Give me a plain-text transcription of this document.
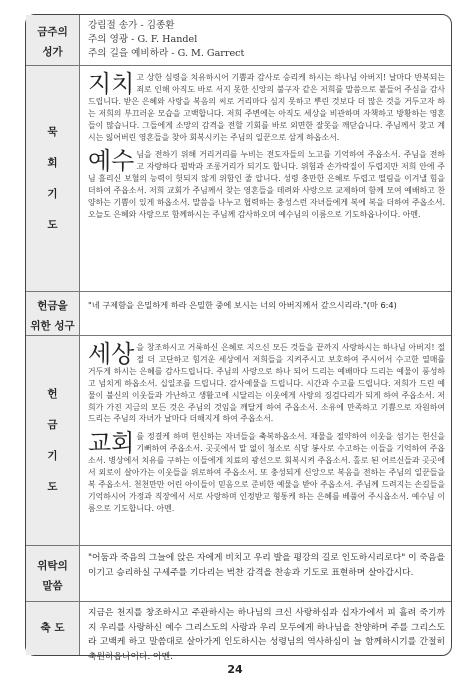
금주의
성가
강림절 송가 - 김종환
주의 영광 - G. F. Handel
주의 길을 예비하라 - G. M. Garrect
묵
회
기
도
지치 고 상한 심령을 치유하시어 기쁨과 감사로 승리케 하시는 하나님 아버지! 날마다 반복되는 죄로 인해 아직도 바로 서지 못한 신앙의 불구자 같은 저희를 말씀으로 붙들어 주심을 감사드립니다. 받은 은혜와 사랑을 복음의 씨로 거리마다 심지 못하고 뿌린 것보다 더 많은 것을 거두고자 하는 저희의 부끄러운 모습을 고백합니다. 저희 주변에는 아직도 세상을 비관하며 자책하고 방황하는 영혼들이 많습니다. 그들에게 소망의 감격을 전할 기회를 바로 외면한 잘못을 깨닫습니다. 주님께서 찾고 계시는 잃어버린 영혼들을 찾아 회복시키는 주님의 일꾼으로 삼게 하옵소서.
예수 님을 전하기 위해 거리거리를 누비는 전도자들의 노고를 기억하여 주옵소서. 주님을 전하고 자랑하다 핍박과 조롱거리가 되기도 합니다. 위험과 손가락질이 두렵지만 저희 안에 주님 흘리신 보혈의 능력이 헛되지 않게 위함인 줄 압니다. 성령 충만한 은혜로 두렵고 떨림을 이겨낼 힘을 더하여 주옵소서. 저희 교회가 주님께서 찾는 영혼들을 데려와 사랑으로 교제하며 함께 모여 예배하고 찬양하는 기쁨이 있게 하옵소서. 말씀을 나누고 협력하는 충성스런 자녀들에게 복에 복을 더하여 주옵소서. 오늘도 은혜와 사랑으로 함께하시는 주님께 감사하오며 예수님의 이름으로 기도하옵나이다. 아멘.
헌금을
위한 성구
"네 구제함을 은밀하게 하라 은밀한 중에 보시는 너의 아버지께서 갚으시리라."(마 6:4)
헌
금
기
도
세상 을 창조하시고 거룩하신 은혜로 지으신 모든 것들을 끝까지 사랑하시는 하나님 아버지! 절절 더 고단하고 힘겨운 세상에서 저희들을 지켜주시고 보호하여 주시어서 수고한 열매를 거두게 하시는 은혜를 감사드립니다. 주님의 사랑으로 하나 되어 드리는 예배마다 드리는 예물이 풍성하고 넘치게 하옵소서. 십일조를 드립니다. 감사예물을 드립니다. 시간과 수고를 드립니다. 저희가 드린 예물이 불신의 이웃들과 가난하고 생활고에 시달리는 이웃에게 사랑의 징검다리가 되게 하여 주옵소서. 저희가 가진 지금의 모든 것은 주님의 것임을 깨달게 하여 주옵소서. 소유에 만족하고 기쁨으로 자원하여 드리는 주님의 자녀가 날마다 더해지게 하여 주옵소서.
교회 를 정결케 하며 헌신하는 자녀들을 축복하옵소서. 재물을 절약하여 이웃을 섬기는 헌신을 기뻐하여 주옵소서. 곳곳에서 말 없이 청소로 식당 봉사로 수고하는 이들을 기억하여 주옵소서. 병상에서 치유를 구하는 이들에게 치료의 광선으로 회복시켜 주옵소서. 홀로 된 어르신들과 곳곳에서 외로이 살아가는 이웃들을 위로하여 주옵소서. 또 충성되게 신앙으로 복음을 전하는 주님의 일꾼들을 복 주옵소서. 천천만만 어린 아이들이 믿음으로 준비한 예물을 받아 주옵소서. 주님께 드려지는 손길들을 기억하시어 가정과 직장에서 서로 사랑하며 인정받고 형통케 하는 은혜를 베풀어 주시옵소서. 예수님 이름으로 기도합니다. 아멘.
위탁의
말씀
"어둠과 죽음의 그늘에 앉은 자에게 비치고 우리 발을 평강의 길로 인도하시리로다" 이 죽음을 이기고 승리하실 구세주를 기다리는 벅찬 감격을 찬송과 기도로 표현하며 살아갑시다.
축 도
지금은 천지를 창조하시고 주관하시는 하나님의 크신 사랑하심과 십자가에서 피 흘려 죽기까지 우리를 사랑하신 예수 그리스도의 사랑과 우리 모두에게 하나님을 찬양하며 주를 그리스도라 고백케 하고 말씀대로 살아가게 인도하시는 성령님의 역사하심이 늘 함께하시기를 간절히 축원하옵나이다. 아멘.
24
